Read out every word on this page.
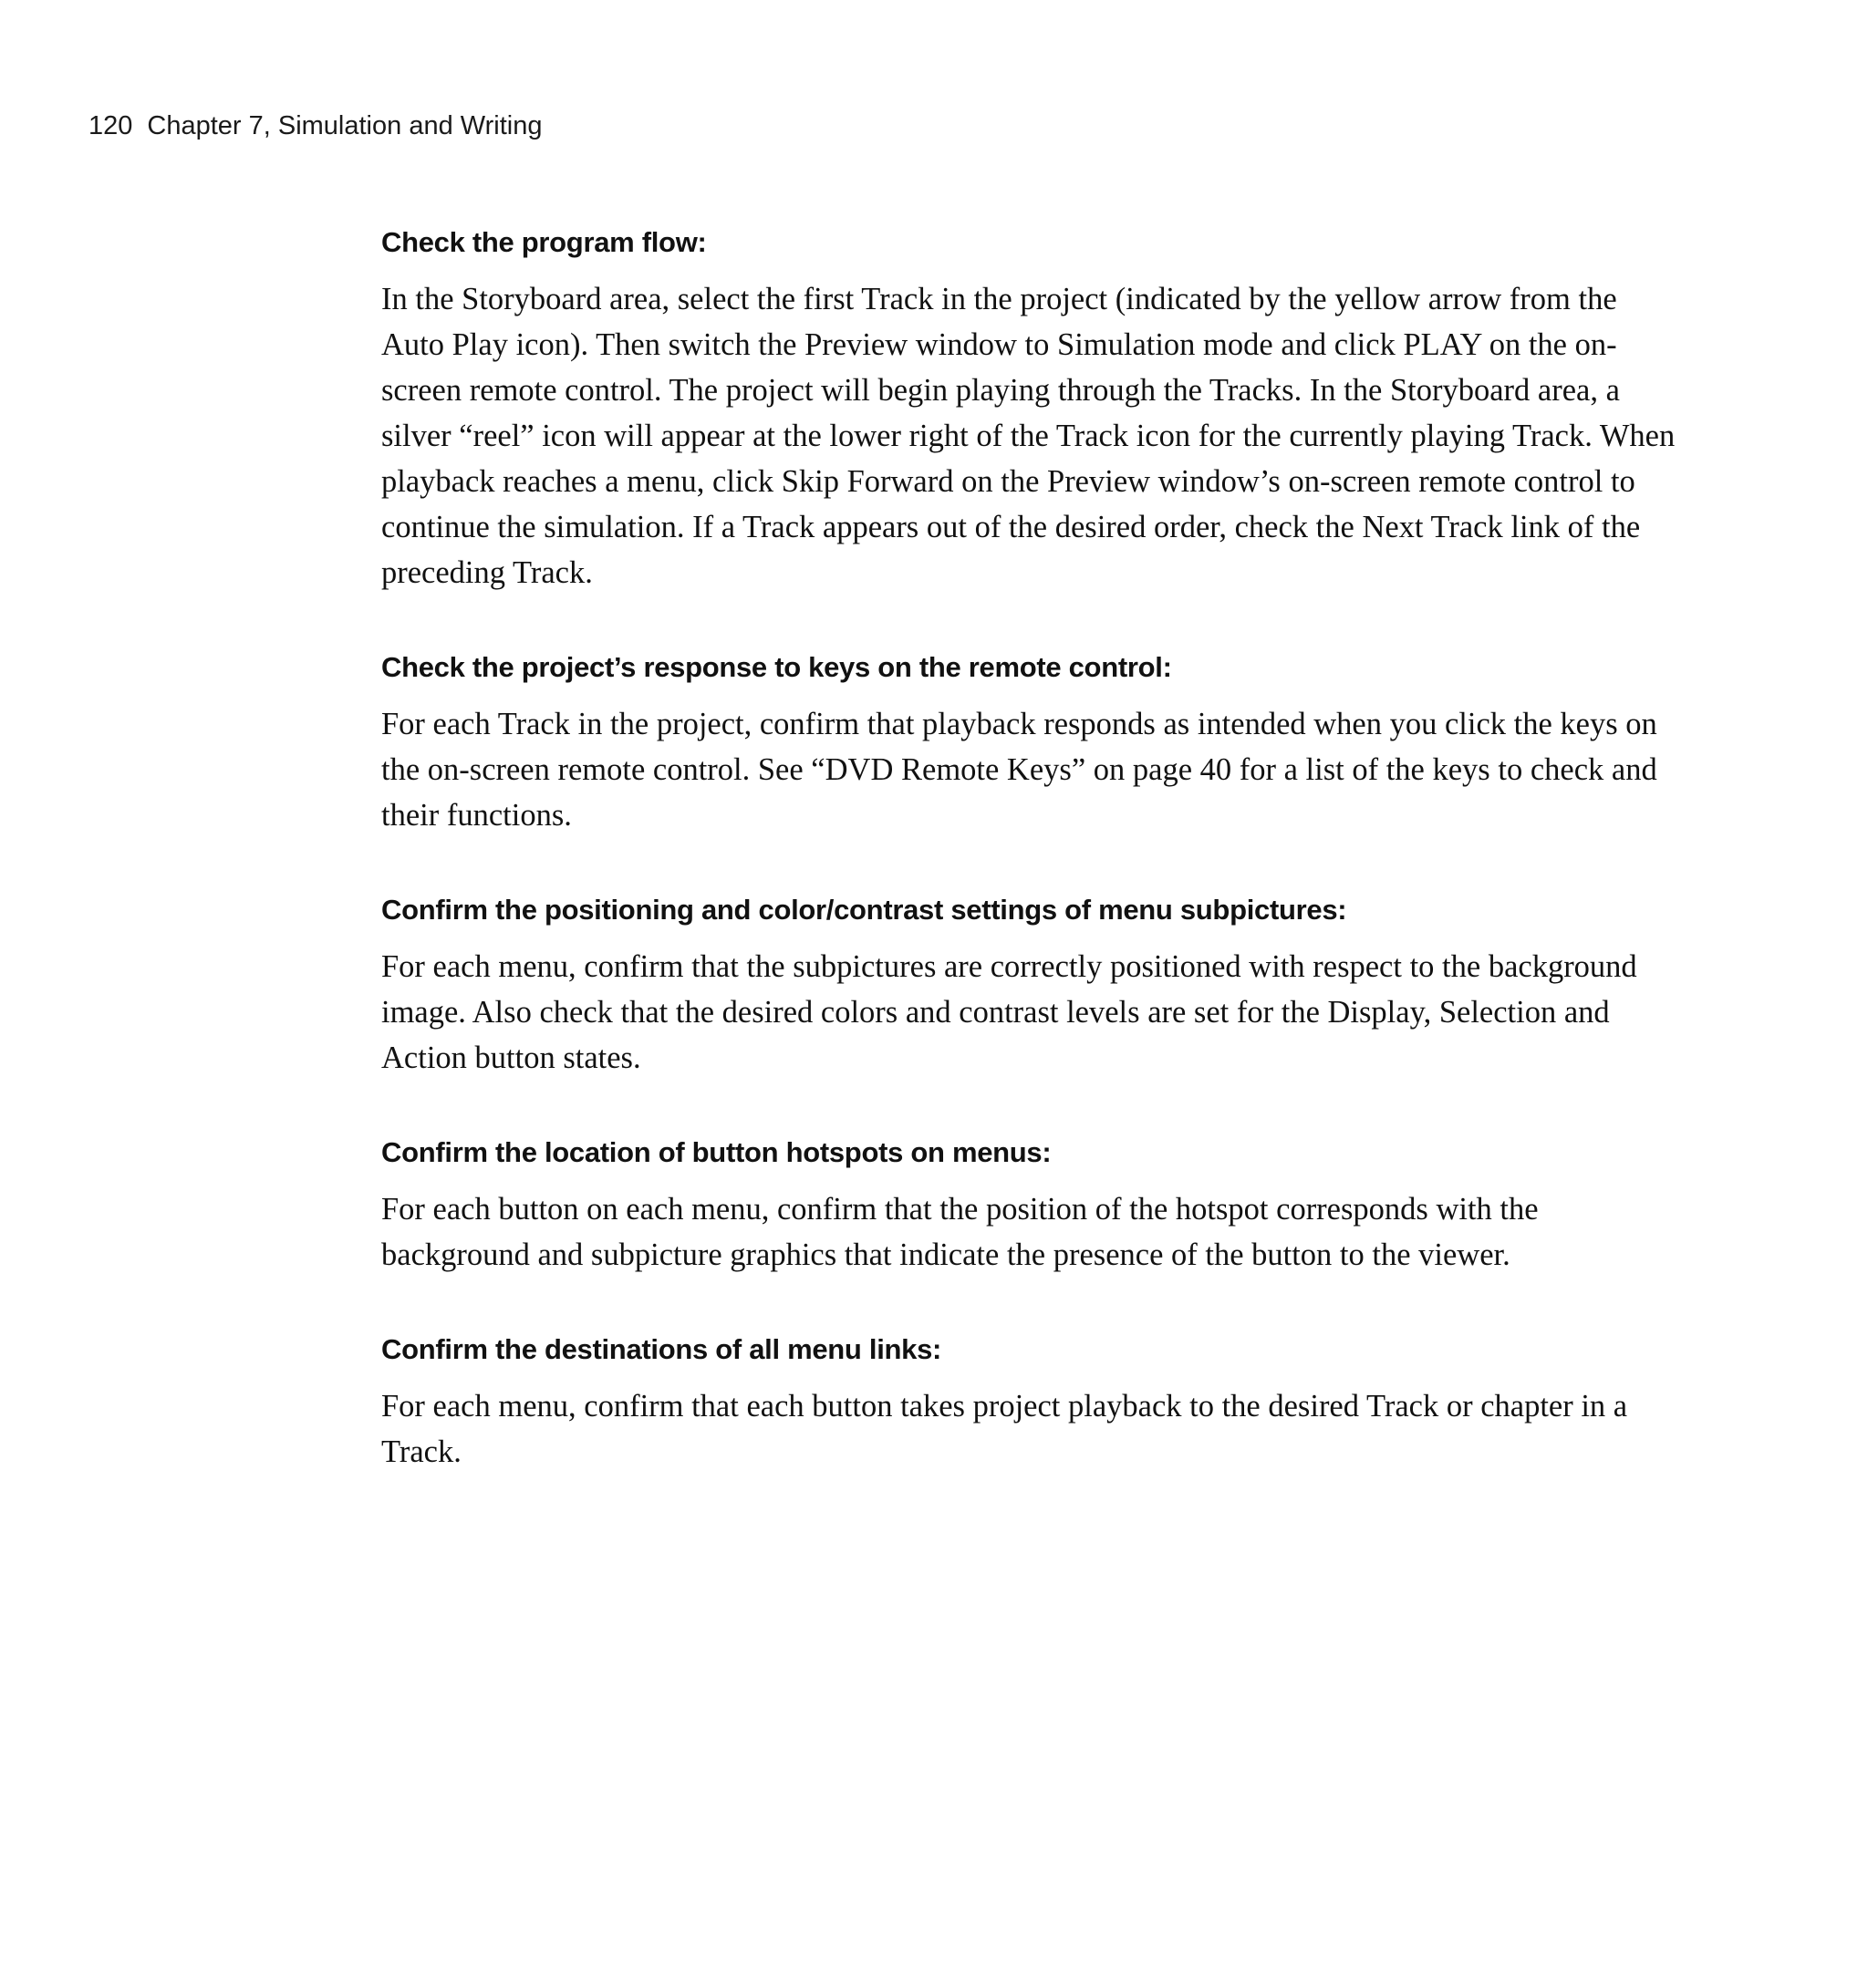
120 Chapter 7, Simulation and Writing
Check the program flow:

In the Storyboard area, select the first Track in the project (indicated by the yellow arrow from the Auto Play icon). Then switch the Preview window to Simulation mode and click PLAY on the on-screen remote control. The project will begin playing through the Tracks. In the Storyboard area, a silver “reel” icon will appear at the lower right of the Track icon for the currently playing Track. When playback reaches a menu, click Skip Forward on the Preview window’s on-screen remote control to continue the simulation. If a Track appears out of the desired order, check the Next Track link of the preceding Track.

Check the project’s response to keys on the remote control:

For each Track in the project, confirm that playback responds as intended when you click the keys on the on-screen remote control. See “DVD Remote Keys” on page 40 for a list of the keys to check and their functions.

Confirm the positioning and color/contrast settings of menu subpictures:

For each menu, confirm that the subpictures are correctly positioned with respect to the background image. Also check that the desired colors and contrast levels are set for the Display, Selection and Action button states.

Confirm the location of button hotspots on menus:

For each button on each menu, confirm that the position of the hotspot corresponds with the background and subpicture graphics that indicate the presence of the button to the viewer.

Confirm the destinations of all menu links:

For each menu, confirm that each button takes project playback to the desired Track or chapter in a Track.
